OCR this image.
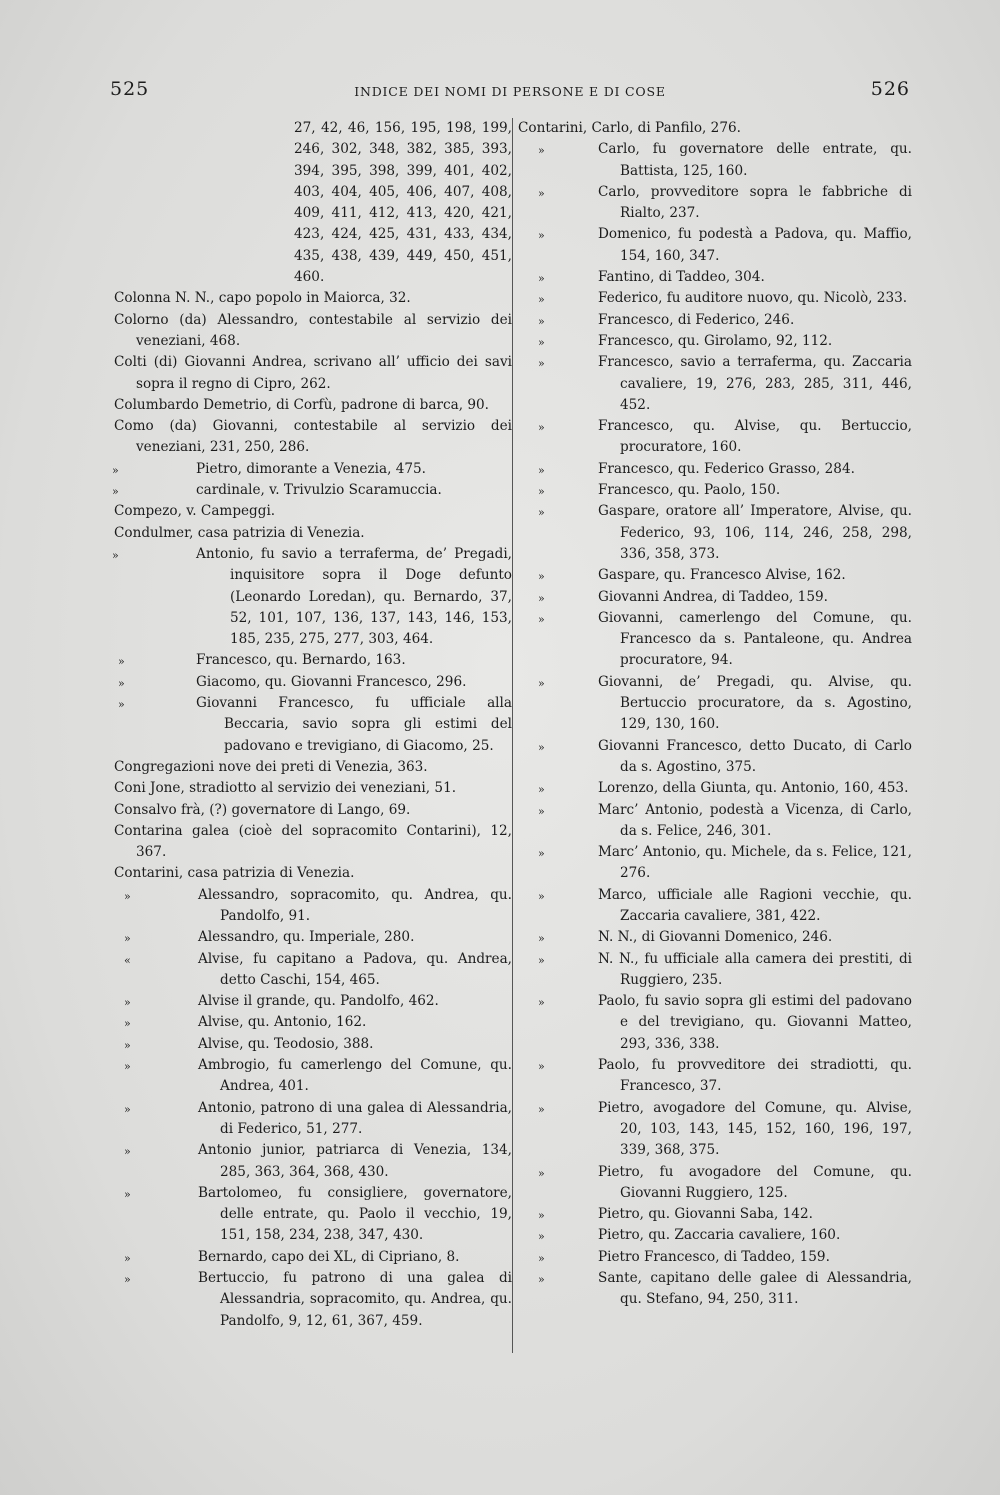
525	INDICE DEI NOMI DI PERSONE E DI COSE	526
27, 42, 46, 156, 195, 198, 199, 246, 302, 348, 382, 385, 393, 394, 395, 398, 399, 401, 402, 403, 404, 405, 406, 407, 408, 409, 411, 412, 413, 420, 421, 423, 424, 425, 431, 433, 434, 435, 438, 439, 449, 450, 451, 460.
Colonna N. N., capo popolo in Maiorca, 32.
Colorno (da) Alessandro, contestabile al servizio dei veneziani, 468.
Colti (di) Giovanni Andrea, scrivano all’ ufficio dei savi sopra il regno di Cipro, 262.
Columbardo Demetrio, di Corfù, padrone di barca, 90.
Como (da) Giovanni, contestabile al servizio dei veneziani, 231, 250, 286.
»	Pietro, dimorante a Venezia, 475.
»	cardinale, v. Trivulzio Scaramuccia.
Compezo, v. Campeggi.
Condulmer, casa patrizia di Venezia.
»	Antonio, fu savio a terraferma, de’ Pregadi, inquisitore sopra il Doge defunto (Leonardo Loredan), qu. Bernardo, 37, 52, 101, 107, 136, 137, 143, 146, 153, 185, 235, 275, 277, 303, 464.
»	Francesco, qu. Bernardo, 163.
»	Giacomo, qu. Giovanni Francesco, 296.
»	Giovanni Francesco, fu ufficiale alla Beccaria, savio sopra gli estimi del padovano e trevigiano, di Giacomo, 25.
Congregazioni nove dei preti di Venezia, 363.
Coni Jone, stradiotto al servizio dei veneziani, 51.
Consalvo frà, (?) governatore di Lango, 69.
Contarina galea (cioè del sopracomito Contarini), 12, 367.
Contarini, casa patrizia di Venezia.
»	Alessandro, sopracomito, qu. Andrea, qu. Pandolfo, 91.
»	Alessandro, qu. Imperiale, 280.
«	Alvise, fu capitano a Padova, qu. Andrea, detto Caschi, 154, 465.
»	Alvise il grande, qu. Pandolfo, 462.
»	Alvise, qu. Antonio, 162.
»	Alvise, qu. Teodosio, 388.
»	Ambrogio, fu camerlengo del Comune, qu. Andrea, 401.
»	Antonio, patrono di una galea di Alessandria, di Federico, 51, 277.
»	Antonio junior, patriarca di Venezia, 134, 285, 363, 364, 368, 430.
»	Bartolomeo, fu consigliere, governatore, delle entrate, qu. Paolo il vecchio, 19, 151, 158, 234, 238, 347, 430.
»	Bernardo, capo dei XL, di Cipriano, 8.
»	Bertuccio, fu patrono di una galea di Alessandria, sopracomito, qu. Andrea, qu. Pandolfo, 9, 12, 61, 367, 459.
Contarini, Carlo, di Panfilo, 276.
»	Carlo, fu governatore delle entrate, qu. Battista, 125, 160.
»	Carlo, provveditore sopra le fabbriche di Rialto, 237.
»	Domenico, fu podestà a Padova, qu. Maffio, 154, 160, 347.
»	Fantino, di Taddeo, 304.
»	Federico, fu auditore nuovo, qu. Nicolò, 233.
»	Francesco, di Federico, 246.
»	Francesco, qu. Girolamo, 92, 112.
»	Francesco, savio a terraferma, qu. Zaccaria cavaliere, 19, 276, 283, 285, 311, 446, 452.
»	Francesco, qu. Alvise, qu. Bertuccio, procuratore, 160.
»	Francesco, qu. Federico Grasso, 284.
»	Francesco, qu. Paolo, 150.
»	Gaspare, oratore all’ Imperatore, Alvise, qu. Federico, 93, 106, 114, 246, 258, 298, 336, 358, 373.
»	Gaspare, qu. Francesco Alvise, 162.
»	Giovanni Andrea, di Taddeo, 159.
»	Giovanni, camerlengo del Comune, qu. Francesco da s. Pantaleone, qu. Andrea procuratore, 94.
»	Giovanni, de’ Pregadi, qu. Alvise, qu. Bertuccio procuratore, da s. Agostino, 129, 130, 160.
»	Giovanni Francesco, detto Ducato, di Carlo da s. Agostino, 375.
»	Lorenzo, della Giunta, qu. Antonio, 160, 453.
»	Marc’ Antonio, podestà a Vicenza, di Carlo, da s. Felice, 246, 301.
»	Marc’ Antonio, qu. Michele, da s. Felice, 121, 276.
»	Marco, ufficiale alle Ragioni vecchie, qu. Zaccaria cavaliere, 381, 422.
»	N. N., di Giovanni Domenico, 246.
»	N. N., fu ufficiale alla camera dei prestiti, di Ruggiero, 235.
»	Paolo, fu savio sopra gli estimi del padovano e del trevigiano, qu. Giovanni Matteo, 293, 336, 338.
»	Paolo, fu provveditore dei stradiotti, qu. Francesco, 37.
»	Pietro, avogadore del Comune, qu. Alvise, 20, 103, 143, 145, 152, 160, 196, 197, 339, 368, 375.
»	Pietro, fu avogadore del Comune, qu. Giovanni Ruggiero, 125.
»	Pietro, qu. Giovanni Saba, 142.
»	Pietro, qu. Zaccaria cavaliere, 160.
»	Pietro Francesco, di Taddeo, 159.
»	Sante, capitano delle galee di Alessandria, qu. Stefano, 94, 250, 311.
